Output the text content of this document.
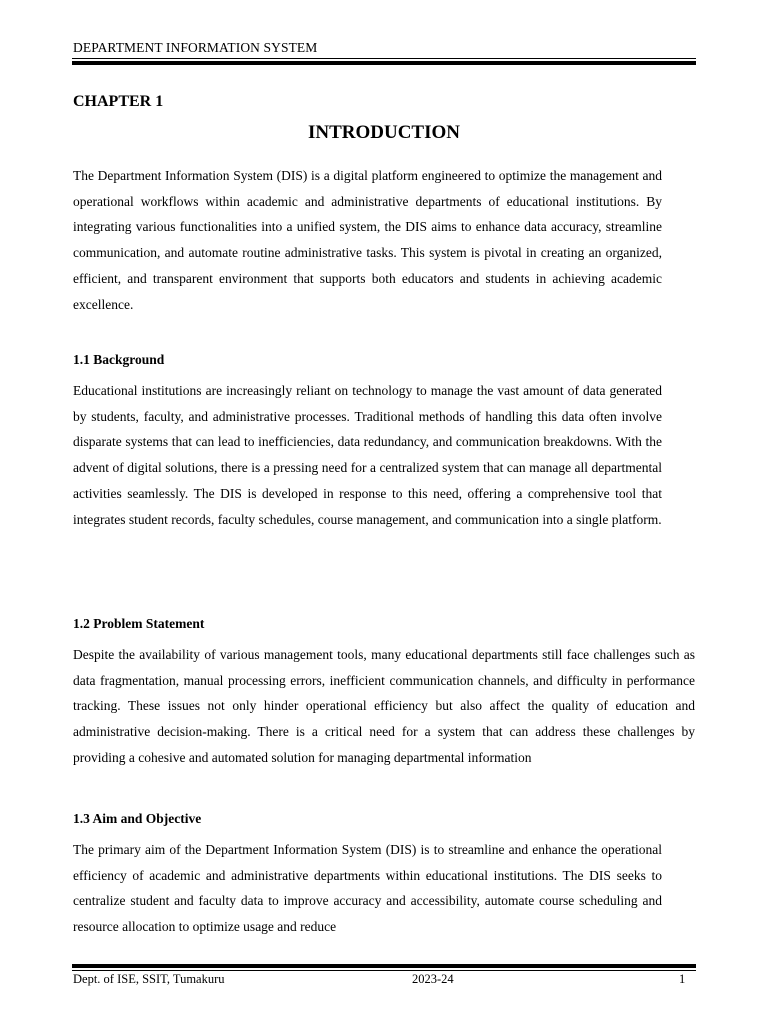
DEPARTMENT INFORMATION SYSTEM
CHAPTER 1
INTRODUCTION

The Department Information System (DIS) is a digital platform engineered to optimize the management and operational workflows within academic and administrative departments of educational institutions. By integrating various functionalities into a unified system, the DIS aims to enhance data accuracy, streamline communication, and automate routine administrative tasks. This system is pivotal in creating an organized, efficient, and transparent environment that supports both educators and students in achieving academic excellence.

1.1 Background

Educational institutions are increasingly reliant on technology to manage the vast amount of data generated by students, faculty, and administrative processes. Traditional methods of handling this data often involve disparate systems that can lead to inefficiencies, data redundancy, and communication breakdowns. With the advent of digital solutions, there is a pressing need for a centralized system that can manage all departmental activities seamlessly. The DIS is developed in response to this need, offering a comprehensive tool that integrates student records, faculty schedules, course management, and communication into a single platform.

1.2 Problem Statement

Despite the availability of various management tools, many educational departments still face challenges such as data fragmentation, manual processing errors, inefficient communication channels, and difficulty in performance tracking. These issues not only hinder operational efficiency but also affect the quality of education and administrative decision-making. There is a critical need for a system that can address these challenges by providing a cohesive and automated solution for managing departmental information

1.3 Aim and Objective

The primary aim of the Department Information System (DIS) is to streamline and enhance the operational efficiency of academic and administrative departments within educational institutions. The DIS seeks to centralize student and faculty data to improve accuracy and accessibility, automate course scheduling and resource allocation to optimize usage and reduce

Dept. of ISE, SSIT, Tumakuru	2023-24	1
